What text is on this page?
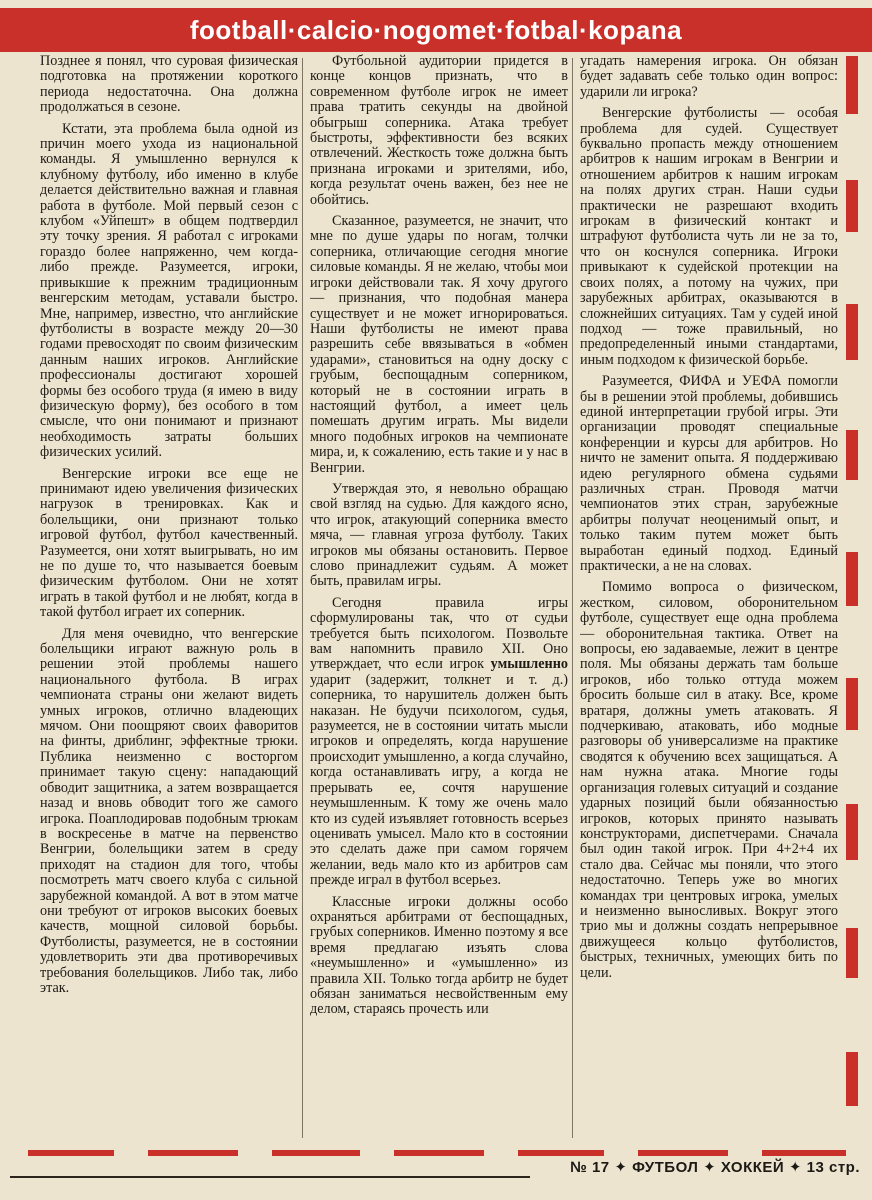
football·calcio·nogomet·fotbal·kopana

Позднее я понял, что суровая физическая подготовка на протяжении короткого периода недостаточна. Она должна продолжаться в сезоне.

Кстати, эта проблема была одной из причин моего ухода из национальной команды. Я умышленно вернулся к клубному футболу, ибо именно в клубе делается действительно важная и главная работа в футболе. Мой первый сезон с клубом «Уйпешт» в общем подтвердил эту точку зрения. Я работал с игроками гораздо более напряженно, чем когда-либо прежде. Разумеется, игроки, привыкшие к прежним традиционным венгерским методам, уставали быстро. Мне, например, известно, что английские футболисты в возрасте между 20—30 годами превосходят по своим физическим данным наших игроков. Английские профессионалы достигают хорошей формы без особого труда (я имею в виду физическую форму), без особого в том смысле, что они понимают и признают необходимость затраты больших физических усилий.

Венгерские игроки все еще не принимают идею увеличения физических нагрузок в тренировках. Как и болельщики, они признают только игровой футбол, футбол качественный. Разумеется, они хотят выигрывать, но им не по душе то, что называется боевым физическим футболом. Они не хотят играть в такой футбол и не любят, когда в такой футбол играет их соперник.

Для меня очевидно, что венгерские болельщики играют важную роль в решении этой проблемы нашего национального футбола. В играх чемпионата страны они желают видеть умных игроков, отлично владеющих мячом. Они поощряют своих фаворитов на финты, дриблинг, эффектные трюки. Публика неизменно с восторгом принимает такую сцену: нападающий обводит защитника, а затем возвращается назад и вновь обводит того же самого игрока. Поаплодировав подобным трюкам в воскресенье в матче на первенство Венгрии, болельщики затем в среду приходят на стадион для того, чтобы посмотреть матч своего клуба с сильной зарубежной командой. А вот в этом матче они требуют от игроков высоких боевых качеств, мощной силовой борьбы. Футболисты, разумеется, не в состоянии удовлетворить эти два противоречивых требования болельщиков. Либо так, либо этак.

Футбольной аудитории придется в конце концов признать, что в современном футболе игрок не имеет права тратить секунды на двойной обыгрыш соперника. Атака требует быстроты, эффективности без всяких отвлечений. Жесткость тоже должна быть признана игроками и зрителями, ибо, когда результат очень важен, без нее не обойтись.

Сказанное, разумеется, не значит, что мне по душе удары по ногам, толчки соперника, отличающие сегодня многие силовые команды. Я не желаю, чтобы мои игроки действовали так. Я хочу другого — признания, что подобная манера существует и не может игнорироваться. Наши футболисты не имеют права разрешить себе ввязываться в «обмен ударами», становиться на одну доску с грубым, беспощадным соперником, который не в состоянии играть в настоящий футбол, а имеет цель помешать другим играть. Мы видели много подобных игроков на чемпионате мира, и, к сожалению, есть такие и у нас в Венгрии.

Утверждая это, я невольно обращаю свой взгляд на судью. Для каждого ясно, что игрок, атакующий соперника вместо мяча, — главная угроза футболу. Таких игроков мы обязаны остановить. Первое слово принадлежит судьям. А может быть, правилам игры.

Сегодня правила игры сформулированы так, что от судьи требуется быть психологом. Позвольте вам напомнить правило XII. Оно утверждает, что если игрок умышленно ударит (задержит, толкнет и т. д.) соперника, то нарушитель должен быть наказан. Не будучи психологом, судья, разумеется, не в состоянии читать мысли игроков и определять, когда нарушение происходит умышленно, а когда случайно, когда останавливать игру, а когда не прерывать ее, сочтя нарушение неумышленным. К тому же очень мало кто из судей изъявляет готовность всерьез оценивать умысел. Мало кто в состоянии это сделать даже при самом горячем желании, ведь мало кто из арбитров сам прежде играл в футбол всерьез.

Классные игроки должны особо охраняться арбитрами от беспощадных, грубых соперников. Именно поэтому я все время предлагаю изъять слова «неумышленно» и «умышленно» из правила XII. Только тогда арбитр не будет обязан заниматься несвойственным ему делом, стараясь прочесть или

угадать намерения игрока. Он обязан будет задавать себе только один вопрос: ударили ли игрока?

Венгерские футболисты — особая проблема для судей. Существует буквально пропасть между отношением арбитров к нашим игрокам в Венгрии и отношением арбитров к нашим игрокам на полях других стран. Наши судьи практически не разрешают входить игрокам в физический контакт и штрафуют футболиста чуть ли не за то, что он коснулся соперника. Игроки привыкают к судейской протекции на своих полях, а потому на чужих, при зарубежных арбитрах, оказываются в сложнейших ситуациях. Там у судей иной подход — тоже правильный, но предопределенный иными стандартами, иным подходом к физической борьбе.

Разумеется, ФИФА и УЕФА помогли бы в решении этой проблемы, добившись единой интерпретации грубой игры. Эти организации проводят специальные конференции и курсы для арбитров. Но ничто не заменит опыта. Я поддерживаю идею регулярного обмена судьями различных стран. Проводя матчи чемпионатов этих стран, зарубежные арбитры получат неоценимый опыт, и только таким путем может быть выработан единый подход. Единый практически, а не на словах.

Помимо вопроса о физическом, жестком, силовом, оборонительном футболе, существует еще одна проблема — оборонительная тактика. Ответ на вопросы, ею задаваемые, лежит в центре поля. Мы обязаны держать там больше игроков, ибо только оттуда можем бросить больше сил в атаку. Все, кроме вратаря, должны уметь атаковать. Я подчеркиваю, атаковать, ибо модные разговоры об универсализме на практике сводятся к обучению всех защищаться. А нам нужна атака. Многие годы организация голевых ситуаций и создание ударных позиций были обязанностью игроков, которых принято называть конструкторами, диспетчерами. Сначала был один такой игрок. При 4+2+4 их стало два. Сейчас мы поняли, что этого недостаточно. Теперь уже во многих командах три центровых игрока, умелых и неизменно выносливых. Вокруг этого трио мы и должны создать непрерывное движущееся кольцо футболистов, быстрых, техничных, умеющих бить по цели.

№ 17 ✦ ФУТБОЛ ✦ ХОККЕЙ ✦ 13 стр.
